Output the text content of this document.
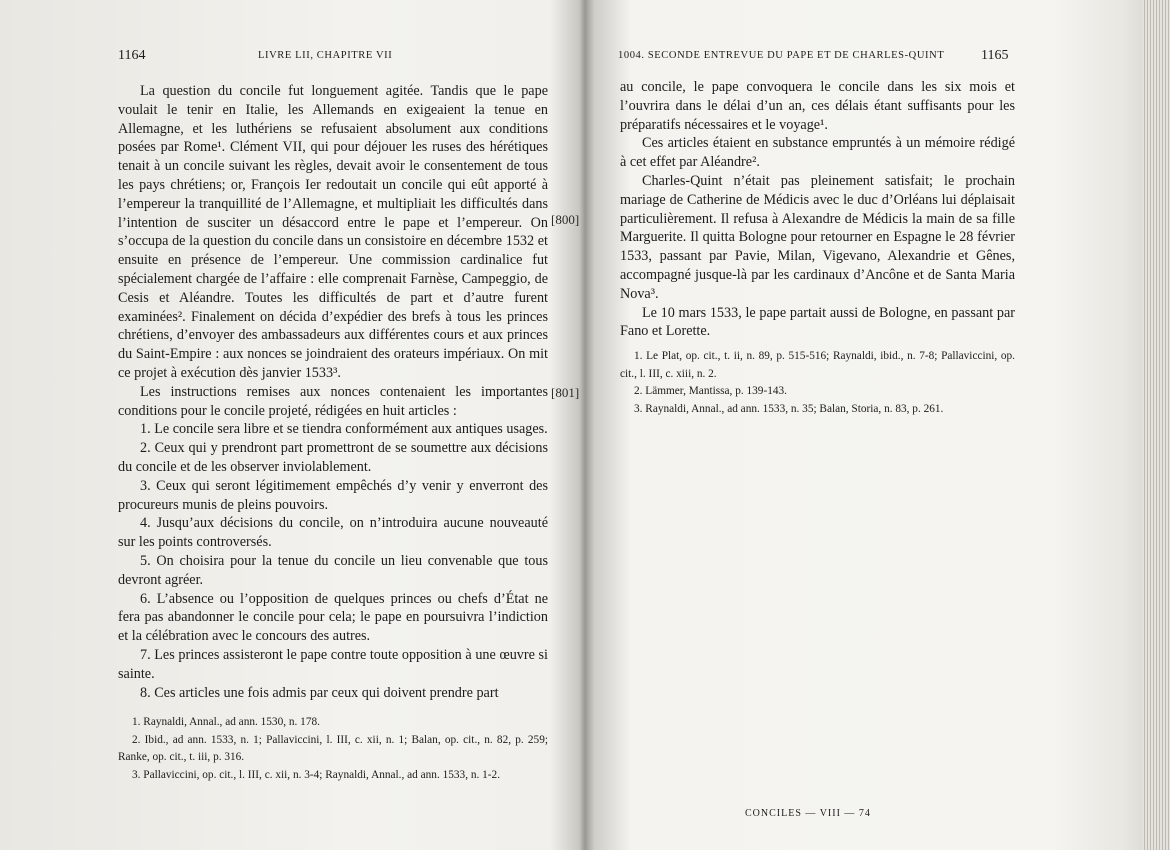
1164	LIVRE LII, CHAPITRE VII

La question du concile fut longuement agitée. Tandis que le pape voulait le tenir en Italie, les Allemands en exigeaient la tenue en Allemagne, et les luthériens se refusaient absolument aux conditions posées par Rome¹. Clément VII, qui pour déjouer les ruses des hérétiques tenait à un concile suivant les règles, devait avoir le consentement de tous les pays chrétiens; or, François Ier redoutait un concile qui eût apporté à l’empereur la tranquillité de l’Allemagne, et multipliait les difficultés dans l’intention de susciter un désaccord entre le pape et l’empereur. On s’occupa de la question du concile dans un consistoire en décembre 1532 et ensuite en présence de l’empereur. Une commission cardinalice fut spécialement chargée de l’affaire : elle comprenait Farnèse, Campeggio, de Cesis et Aléandre. Toutes les difficultés de part et d’autre furent examinées². Finalement on décida d’expédier des brefs à tous les princes chrétiens, d’envoyer des ambassadeurs aux différentes cours et aux princes du Saint-Empire : aux nonces se joindraient des orateurs impériaux. On mit ce projet à exécution dès janvier 1533³.

Les instructions remises aux nonces contenaient les importantes conditions pour le concile projeté, rédigées en huit articles :

1. Le concile sera libre et se tiendra conformément aux antiques usages.

2. Ceux qui y prendront part promettront de se soumettre aux décisions du concile et de les observer inviolablement.

3. Ceux qui seront légitimement empêchés d’y venir y enverront des procureurs munis de pleins pouvoirs.

4. Jusqu’aux décisions du concile, on n’introduira aucune nouveauté sur les points controversés.

5. On choisira pour la tenue du concile un lieu convenable que tous devront agréer.

6. L’absence ou l’opposition de quelques princes ou chefs d’État ne fera pas abandonner le concile pour cela; le pape en poursuivra l’indiction et la célébration avec le concours des autres.

7. Les princes assisteront le pape contre toute opposition à une œuvre si sainte.

8. Ces articles une fois admis par ceux qui doivent prendre part

[800]
[801]

1. Raynaldi, Annal., ad ann. 1530, n. 178.

2. Ibid., ad ann. 1533, n. 1; Pallaviccini, l. III, c. xii, n. 1; Balan, op. cit., n. 82, p. 259; Ranke, op. cit., t. iii, p. 316.

3. Pallaviccini, op. cit., l. III, c. xii, n. 3-4; Raynaldi, Annal., ad ann. 1533, n. 1-2.

1004. SECONDE ENTREVUE DU PAPE ET DE CHARLES-QUINT	1165

au concile, le pape convoquera le concile dans les six mois et l’ouvrira dans le délai d’un an, ces délais étant suffisants pour les préparatifs nécessaires et le voyage¹.

Ces articles étaient en substance empruntés à un mémoire rédigé à cet effet par Aléandre².

Charles-Quint n’était pas pleinement satisfait; le prochain mariage de Catherine de Médicis avec le duc d’Orléans lui déplaisait particulièrement. Il refusa à Alexandre de Médicis la main de sa fille Marguerite. Il quitta Bologne pour retourner en Espagne le 28 février 1533, passant par Pavie, Milan, Vigevano, Alexandrie et Gênes, accompagné jusque-là par les cardinaux d’Ancône et de Santa Maria Nova³.

Le 10 mars 1533, le pape partait aussi de Bologne, en passant par Fano et Lorette.

1. Le Plat, op. cit., t. ii, n. 89, p. 515-516; Raynaldi, ibid., n. 7-8; Pallaviccini, op. cit., l. III, c. xiii, n. 2.

2. Lämmer, Mantissa, p. 139-143.

3. Raynaldi, Annal., ad ann. 1533, n. 35; Balan, Storia, n. 83, p. 261.

CONCILES — VIII — 74
